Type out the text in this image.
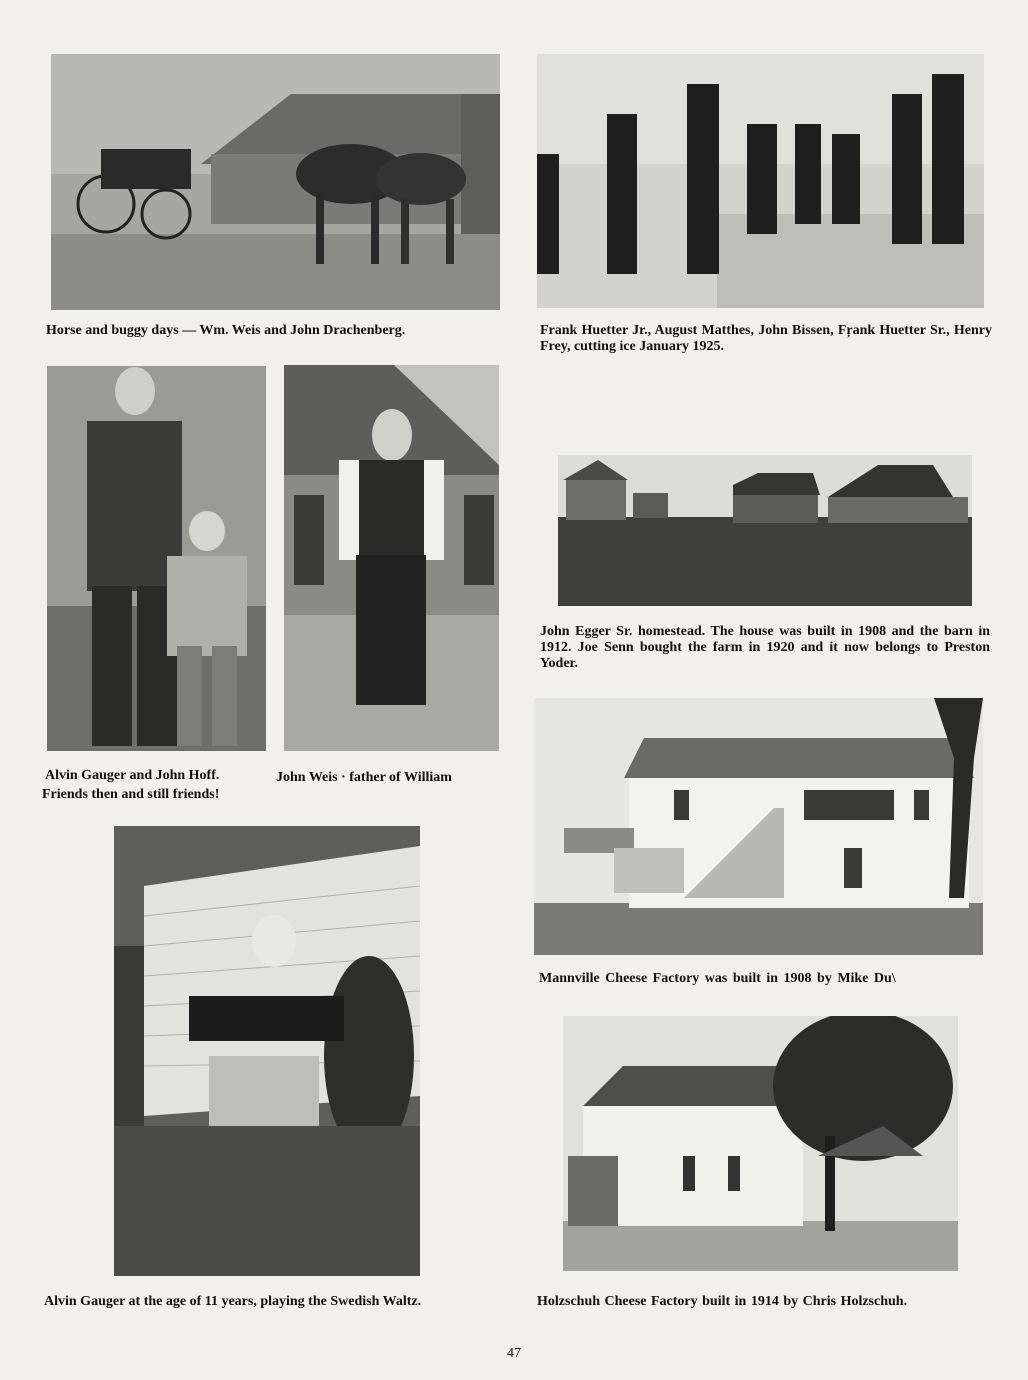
Horse and buggy days — Wm. Weis and John Drachenberg.	Frank Huetter Jr., August Matthes, John Bissen, Fŗank Huetter Sr., Henry Frey, cutting ice January 1925.
Alvin Gauger and John Hoff.	John Weis · father of William
Friends then and still friends!
John Egger Sr. homestead. The house was built in 1908 and the barn in 1912. Joe Senn bought the farm in 1920 and it now belongs to Preston Yoder.
Mannville Cheese Factory was built in 1908 by Mike Du\
Alvin Gauger at the age of 11 years, playing the Swedish Waltz.	Holzschuh Cheese Factory built in 1914 by Chris Holzschuh.
47
